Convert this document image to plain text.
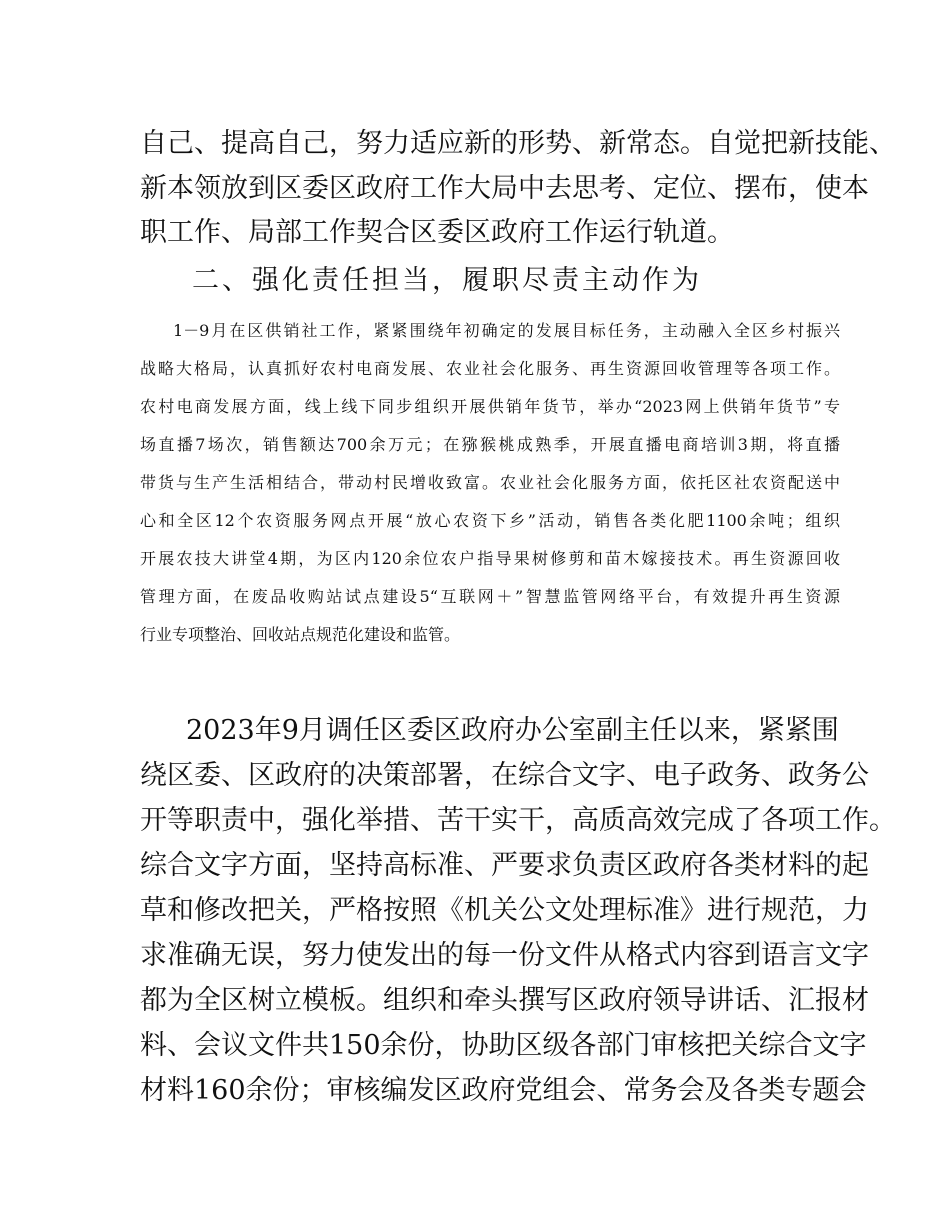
自己、提高自己，努力适应新的形势、新常态。自觉把新技能、
新本领放到区委区政府工作大局中去思考、定位、摆布，使本
职工作、局部工作契合区委区政府工作运行轨道。
二、强化责任担当，履职尽责主动作为
1－9月在区供销社工作，紧紧围绕年初确定的发展目标任务，主动融入全区乡村振兴
战略大格局，认真抓好农村电商发展、农业社会化服务、再生资源回收管理等各项工作。
农村电商发展方面，线上线下同步组织开展供销年货节，举办“2023网上供销年货节”专
场直播7场次，销售额达700余万元；在猕猴桃成熟季，开展直播电商培训3期，将直播
带货与生产生活相结合，带动村民增收致富。农业社会化服务方面，依托区社农资配送中
心和全区12个农资服务网点开展“放心农资下乡”活动，销售各类化肥1100余吨；组织
开展农技大讲堂4期，为区内120余位农户指导果树修剪和苗木嫁接技术。再生资源回收
管理方面，在废品收购站试点建设5“互联网＋”智慧监管网络平台，有效提升再生资源
行业专项整治、回收站点规范化建设和监管。
2023年9月调任区委区政府办公室副主任以来，紧紧围
绕区委、区政府的决策部署，在综合文字、电子政务、政务公
开等职责中，强化举措、苦干实干，高质高效完成了各项工作。
综合文字方面，坚持高标准、严要求负责区政府各类材料的起
草和修改把关，严格按照《机关公文处理标准》进行规范，力
求准确无误，努力使发出的每一份文件从格式内容到语言文字
都为全区树立模板。组织和牵头撰写区政府领导讲话、汇报材
料、会议文件共150余份，协助区级各部门审核把关综合文字
材料160余份；审核编发区政府党组会、常务会及各类专题会
